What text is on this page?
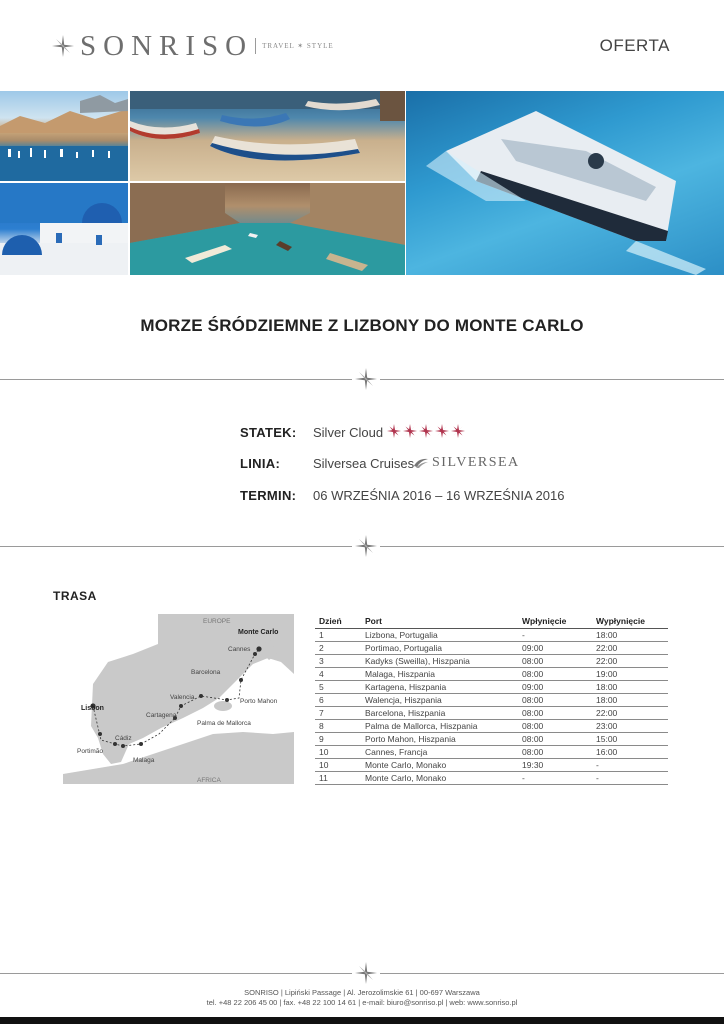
SONRISO TRAVEL ✶ STYLE	OFERTA
MORZE ŚRÓDZIEMNE Z LIZBONY DO MONTE CARLO
STATEK: Silver Cloud
LINIA:	Silversea Cruises SILVERSEA
TERMIN: 06 WRZEŚNIA 2016 – 16 WRZEŚNIA 2016
TRASA
EUROPE
Monte Carlo
Cannes
Barcelona
Valencia
Porto Mahon
Cartagena
Palma de Mallorca
Lisbon
Cádiz
Portimão
Malaga
AFRICA
Dzień	Port	Wpłynięcie	Wypłynięcie
1	Lizbona, Portugalia	-	18:00
2	Portimao, Portugalia	09:00	22:00
3	Kadyks (Sweilla), Hiszpania	08:00	22:00
4	Malaga, Hiszpania	08:00	19:00
5	Kartagena, Hiszpania	09:00	18:00
6	Walencja, Hiszpania	08:00	18:00
7	Barcelona, Hiszpania	08:00	22:00
8	Palma de Mallorca, Hiszpania	08:00	23:00
9	Porto Mahon, Hiszpania	08:00	15:00
10	Cannes, Francja	08:00	16:00
10	Monte Carlo, Monako	19:30	-
11	Monte Carlo, Monako	-	-
SONRISO | Lipiński Passage | Al. Jerozolimskie 61 | 00-697 Warszawa
tel. +48 22 206 45 00 | fax. +48 22 100 14 61 | e-mail: biuro@sonriso.pl | web: www.sonriso.pl
